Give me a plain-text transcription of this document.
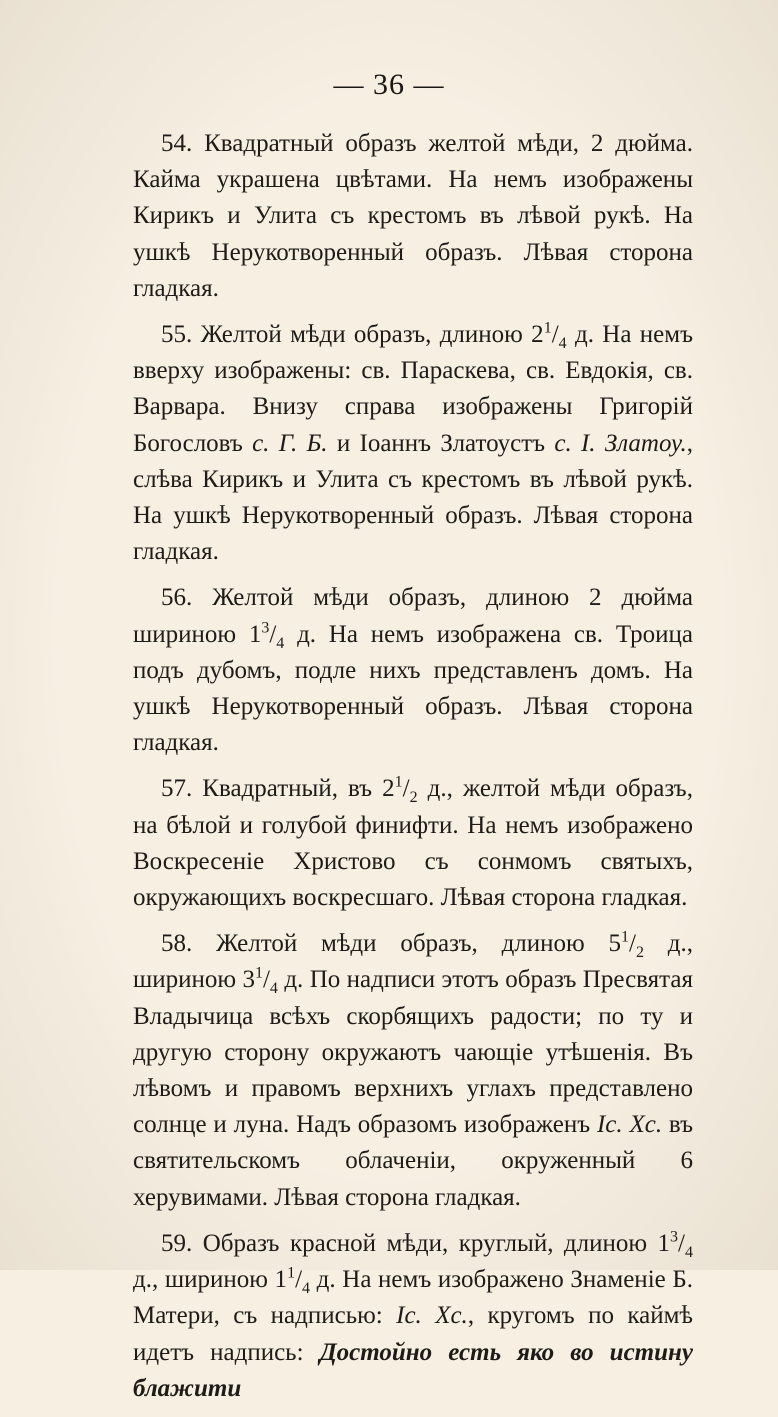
— 36 —

54. Квадратный образъ желтой мѣди, 2 дюйма. Кайма украшена цвѣтами. На немъ изображены Кирикъ и Улита съ крестомъ въ лѣвой рукѣ. На ушкѣ Нерукотворенный образъ. Лѣвая сторона гладкая.

55. Желтой мѣди образъ, длиною $2^1/_4$ д. На немъ вверху изображены: св. Параскева, св. Евдокія, св. Варвара. Внизу справа изображены Григорій Богословъ с. Г. Б. и Іоаннъ Златоустъ с. І. Златоу., слѣва Кирикъ и Улита съ крестомъ въ лѣвой рукѣ. На ушкѣ Нерукотворенный образъ. Лѣвая сторона гладкая.

56. Желтой мѣди образъ, длиною 2 дюйма шириною $1^3/_4$ д. На немъ изображена св. Троица подъ дубомъ, подле нихъ представленъ домъ. На ушкѣ Нерукотворенный образъ. Лѣвая сторона гладкая.

57. Квадратный, въ $2^1/_2$ д., желтой мѣди образъ, на бѣлой и голубой финифти. На немъ изображено Воскресеніе Христово съ сонмомъ святыхъ, окружающихъ воскресшаго. Лѣвая сторона гладкая.

58. Желтой мѣди образъ, длиною $5^1/_2$ д., шириною $3^1/_4$ д. По надписи этотъ образъ Пресвятая Владычица всѣхъ скорбящихъ радости; по ту и другую сторону окружаютъ чающіе утѣшенія. Въ лѣвомъ и правомъ верхнихъ углахъ представлено солнце и луна. Надъ образомъ изображенъ Іс. Хс. въ святительскомъ облаченіи, окруженный 6 херувимами. Лѣвая сторона гладкая.

59. Образъ красной мѣди, круглый, длиною $1^3/_4$ д., шириною $1^1/_4$ д. На немъ изображено Знаменіе Б. Матери, съ надписью: Іс. Хс., кругомъ по каймѣ идетъ надпись: Достойно есть яко во истину блажити
